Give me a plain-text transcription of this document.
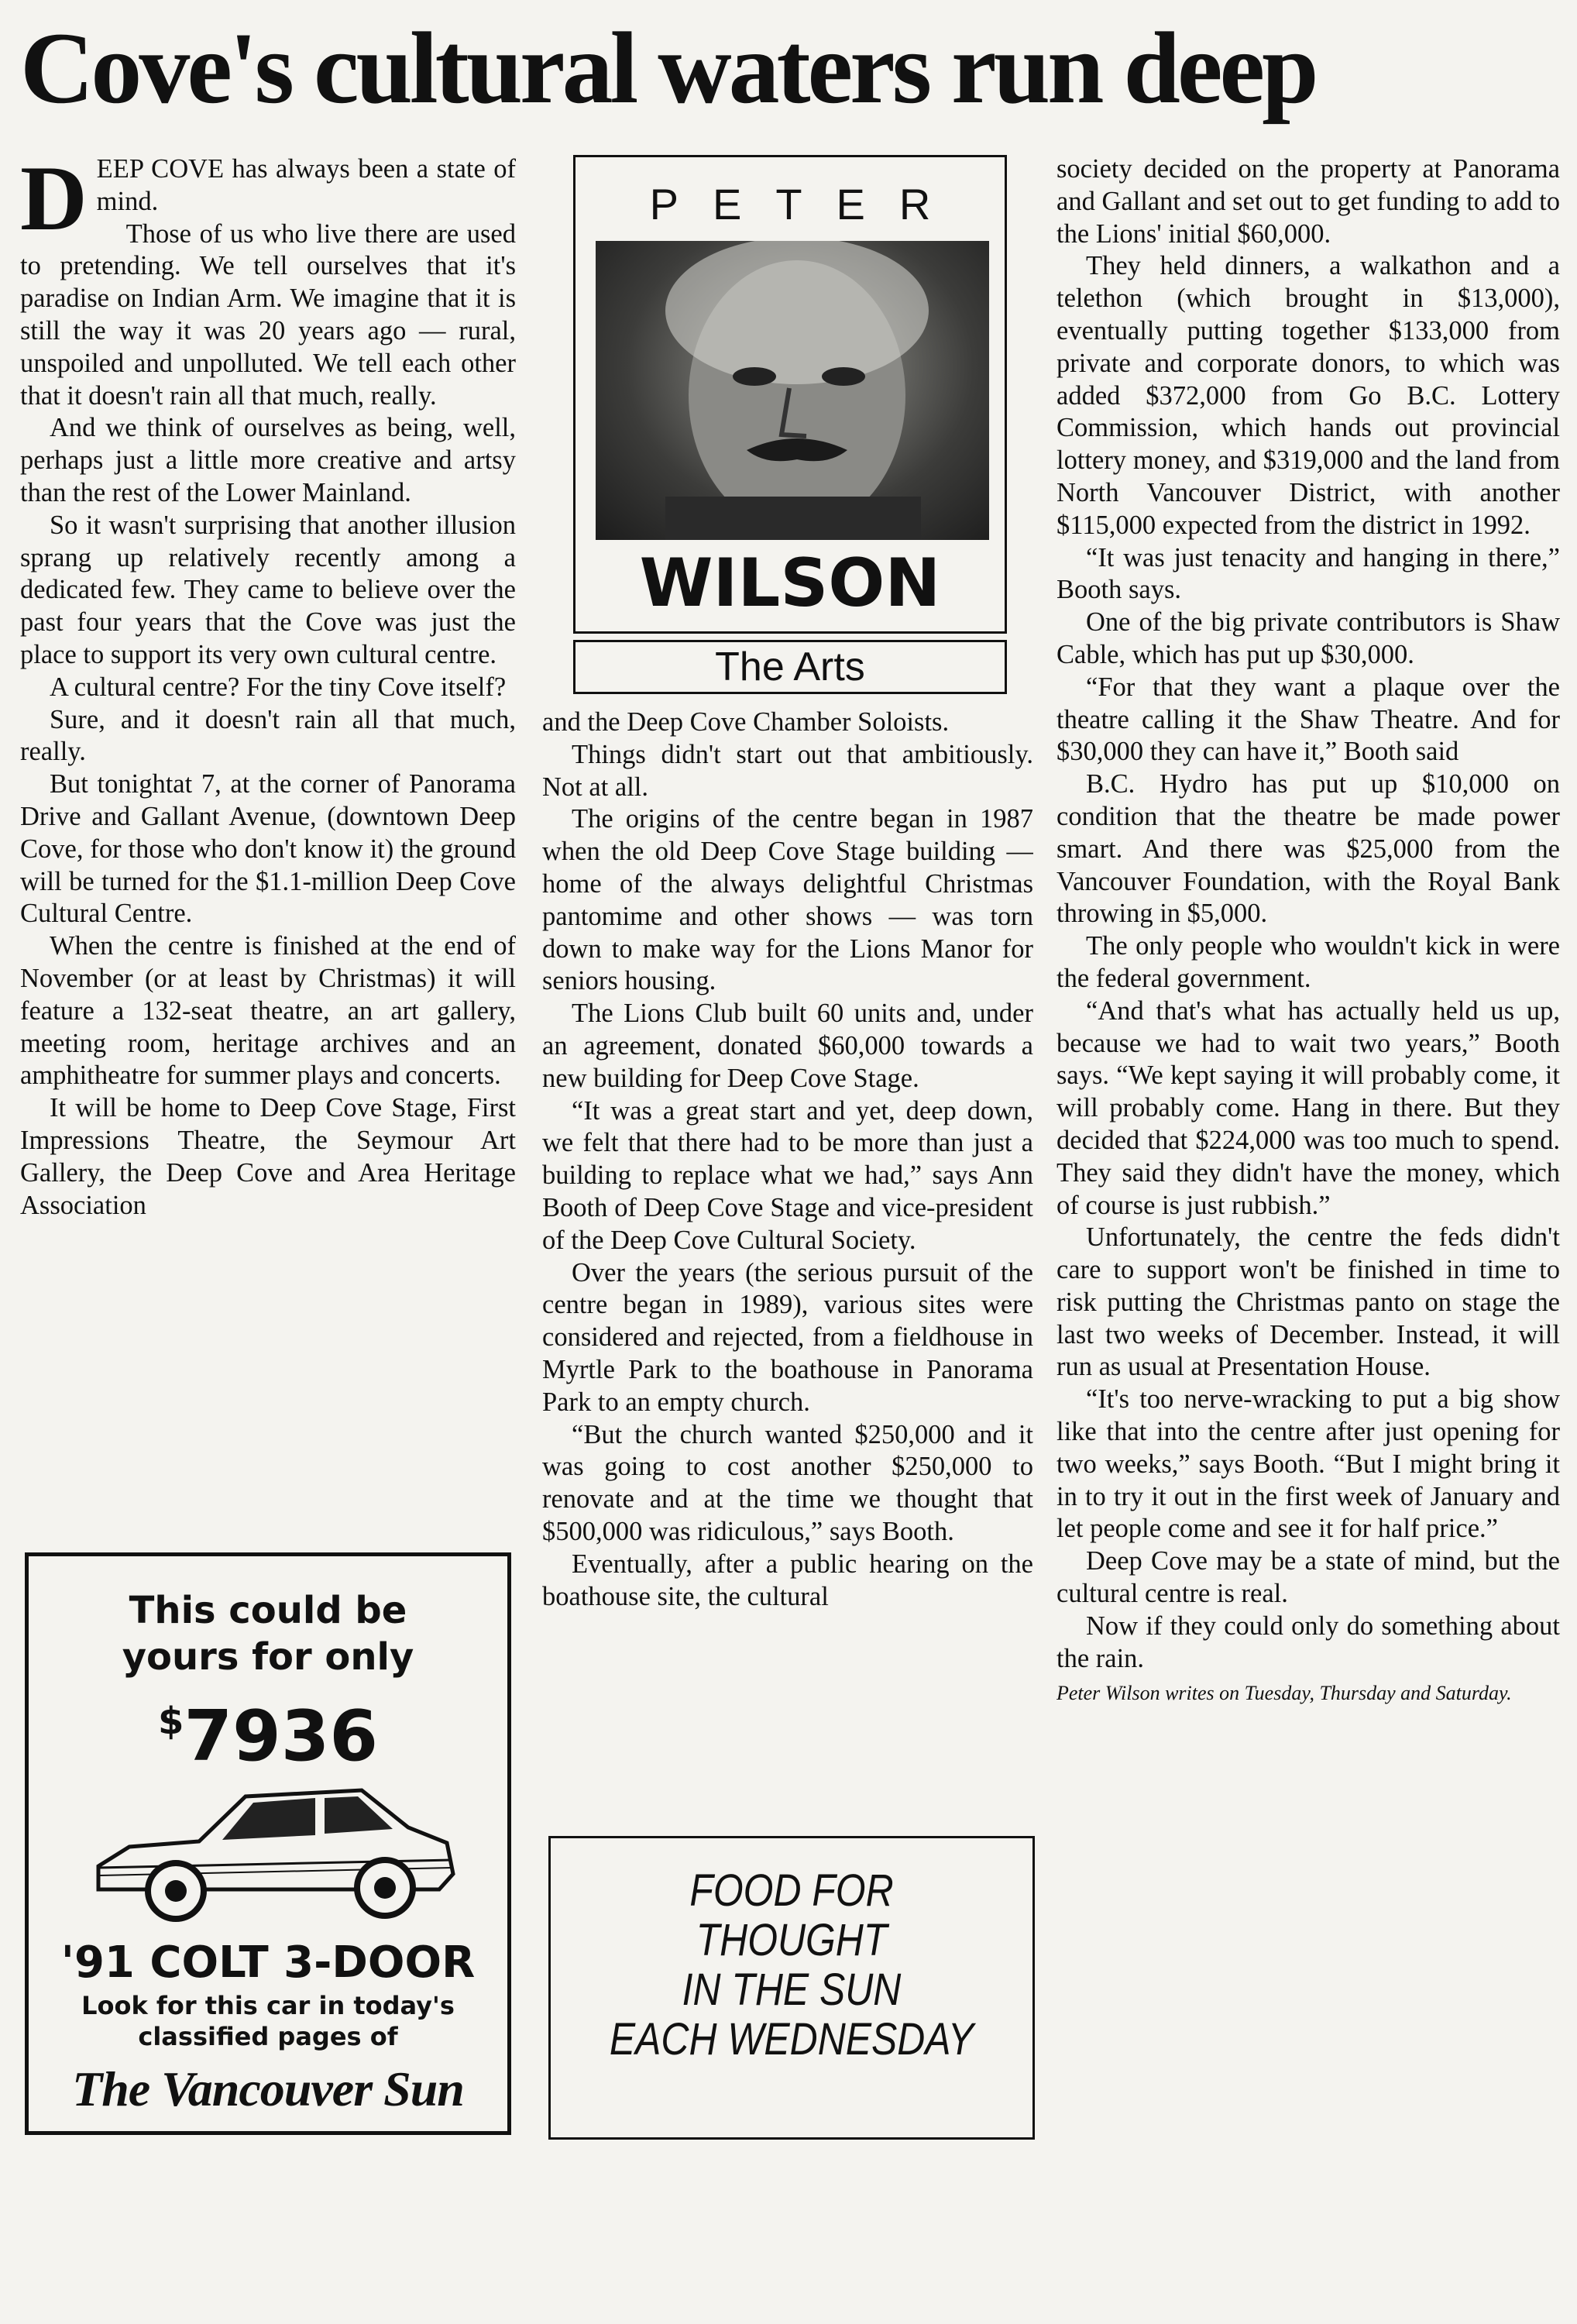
Cove's cultural waters run deep

DEEP COVE has always been a state of mind.

Those of us who live there are used to pretending. We tell ourselves that it's paradise on Indian Arm. We imagine that it is still the way it was 20 years ago — rural, unspoiled and unpolluted. We tell each other that it doesn't rain all that much, really.

And we think of ourselves as being, well, perhaps just a little more creative and artsy than the rest of the Lower Mainland.

So it wasn't surprising that another illusion sprang up relatively recently among a dedicated few. They came to believe over the past four years that the Cove was just the place to support its very own cultural centre.

A cultural centre? For the tiny Cove itself?

Sure, and it doesn't rain all that much, really.

But tonightat 7, at the corner of Panorama Drive and Gallant Avenue, (downtown Deep Cove, for those who don't know it) the ground will be turned for the $1.1-million Deep Cove Cultural Centre.

When the centre is finished at the end of November (or at least by Christmas) it will feature a 132-seat theatre, an art gallery, meeting room, heritage archives and an amphitheatre for summer plays and concerts.

It will be home to Deep Cove Stage, First Impressions Theatre, the Seymour Art Gallery, the Deep Cove and Area Heritage Association

PETER
WILSON
The Arts

and the Deep Cove Chamber Soloists.

Things didn't start out that ambitiously. Not at all.

The origins of the centre began in 1987 when the old Deep Cove Stage building — home of the always delightful Christmas pantomime and other shows — was torn down to make way for the Lions Manor for seniors housing.

The Lions Club built 60 units and, under an agreement, donated $60,000 towards a new building for Deep Cove Stage.

“It was a great start and yet, deep down, we felt that there had to be more than just a building to replace what we had,” says Ann Booth of Deep Cove Stage and vice-president of the Deep Cove Cultural Society.

Over the years (the serious pursuit of the centre began in 1989), various sites were considered and rejected, from a fieldhouse in Myrtle Park to the boathouse in Panorama Park to an empty church.

“But the church wanted $250,000 and it was going to cost another $250,000 to renovate and at the time we thought that $500,000 was ridiculous,” says Booth.

Eventually, after a public hearing on the boathouse site, the cultural

society decided on the property at Panorama and Gallant and set out to get funding to add to the Lions' initial $60,000.

They held dinners, a walkathon and a telethon (which brought in $13,000), eventually putting together $133,000 from private and corporate donors, to which was added $372,000 from Go B.C. Lottery Commission, which hands out provincial lottery money, and $319,000 and the land from North Vancouver District, with another $115,000 expected from the district in 1992.

“It was just tenacity and hanging in there,” Booth says.

One of the big private contributors is Shaw Cable, which has put up $30,000.

“For that they want a plaque over the theatre calling it the Shaw Theatre. And for $30,000 they can have it,” Booth said

B.C. Hydro has put up $10,000 on condition that the theatre be made power smart. And there was $25,000 from the Vancouver Foundation, with the Royal Bank throwing in $5,000.

The only people who wouldn't kick in were the federal government.

“And that's what has actually held us up, because we had to wait two years,” Booth says. “We kept saying it will probably come, it will probably come. Hang in there. But they decided that $224,000 was too much to spend. They said they didn't have the money, which of course is just rubbish.”

Unfortunately, the centre the feds didn't care to support won't be finished in time to risk putting the Christmas panto on stage the last two weeks of December. Instead, it will run as usual at Presentation House.

“It's too nerve-wracking to put a big show like that into the centre after just opening for two weeks,” says Booth. “But I might bring it in to try it out in the first week of January and let people come and see it for half price.”

Deep Cove may be a state of mind, but the cultural centre is real.

Now if they could only do something about the rain.

Peter Wilson writes on Tuesday, Thursday and Saturday.

This could be
yours for only
$7936
'91 COLT 3-DOOR
Look for this car in today's
classified pages of
The Vancouver Sun
FOOD FOR
THOUGHT
IN THE SUN
EACH WEDNESDAY
